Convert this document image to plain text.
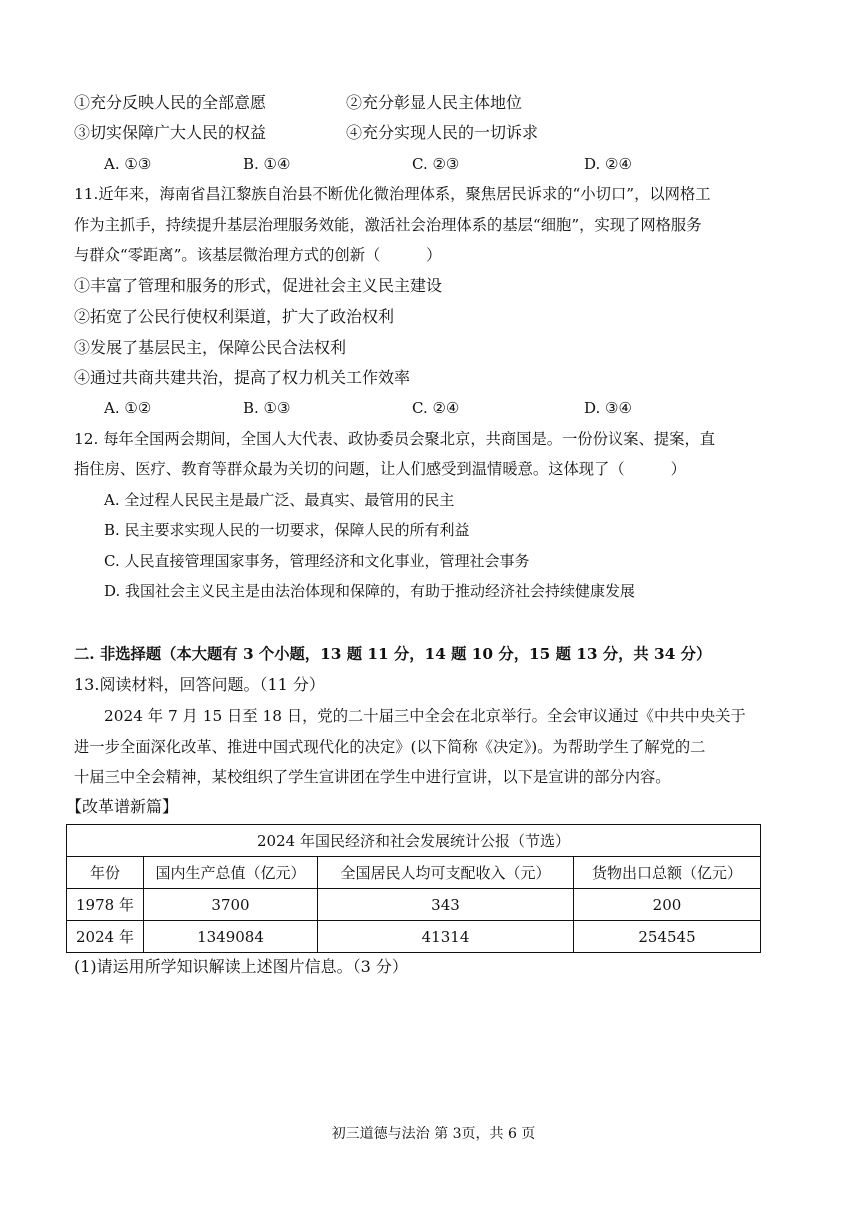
①充分反映人民的全部意愿	②充分彰显人民主体地位
③切实保障广大人民的权益	④充分实现人民的一切诉求
A. ①③	B. ①④	C. ②③	D. ②④
11.近年来，海南省昌江黎族自治县不断优化微治理体系，聚焦居民诉求的“小切口”，以网格工
作为主抓手，持续提升基层治理服务效能，激活社会治理体系的基层“细胞”，实现了网格服务
与群众“零距离”。该基层微治理方式的创新（　　　）
①丰富了管理和服务的形式，促进社会主义民主建设
②拓宽了公民行使权利渠道，扩大了政治权利
③发展了基层民主，保障公民合法权利
④通过共商共建共治，提高了权力机关工作效率
A. ①②	B. ①③	C. ②④	D. ③④
12. 每年全国两会期间，全国人大代表、政协委员会聚北京，共商国是。一份份议案、提案，直
指住房、医疗、教育等群众最为关切的问题，让人们感受到温情暖意。这体现了（　　　）
A. 全过程人民民主是最广泛、最真实、最管用的民主
B. 民主要求实现人民的一切要求，保障人民的所有利益
C. 人民直接管理国家事务，管理经济和文化事业，管理社会事务
D. 我国社会主义民主是由法治体现和保障的，有助于推动经济社会持续健康发展
二. 非选择题（本大题有 3 个小题，13 题 11 分，14 题 10 分，15 题 13 分，共 34 分）
13.阅读材料，回答问题。（11 分）
2024 年 7 月 15 日至 18 日，党的二十届三中全会在北京举行。全会审议通过《中共中央关于
进一步全面深化改革、推进中国式现代化的决定》(以下简称《决定》)。为帮助学生了解党的二
十届三中全会精神，某校组织了学生宣讲团在学生中进行宣讲，以下是宣讲的部分内容。
【改革谱新篇】
2024 年国民经济和社会发展统计公报（节选）			
年份	国内生产总值（亿元）	全国居民人均可支配收入（元）	货物出口总额（亿元）
1978 年	3700	343	200
2024 年	1349084	41314	254545
(1)请运用所学知识解读上述图片信息。（3 分）
初三道德与法治 第 3页，共 6 页
